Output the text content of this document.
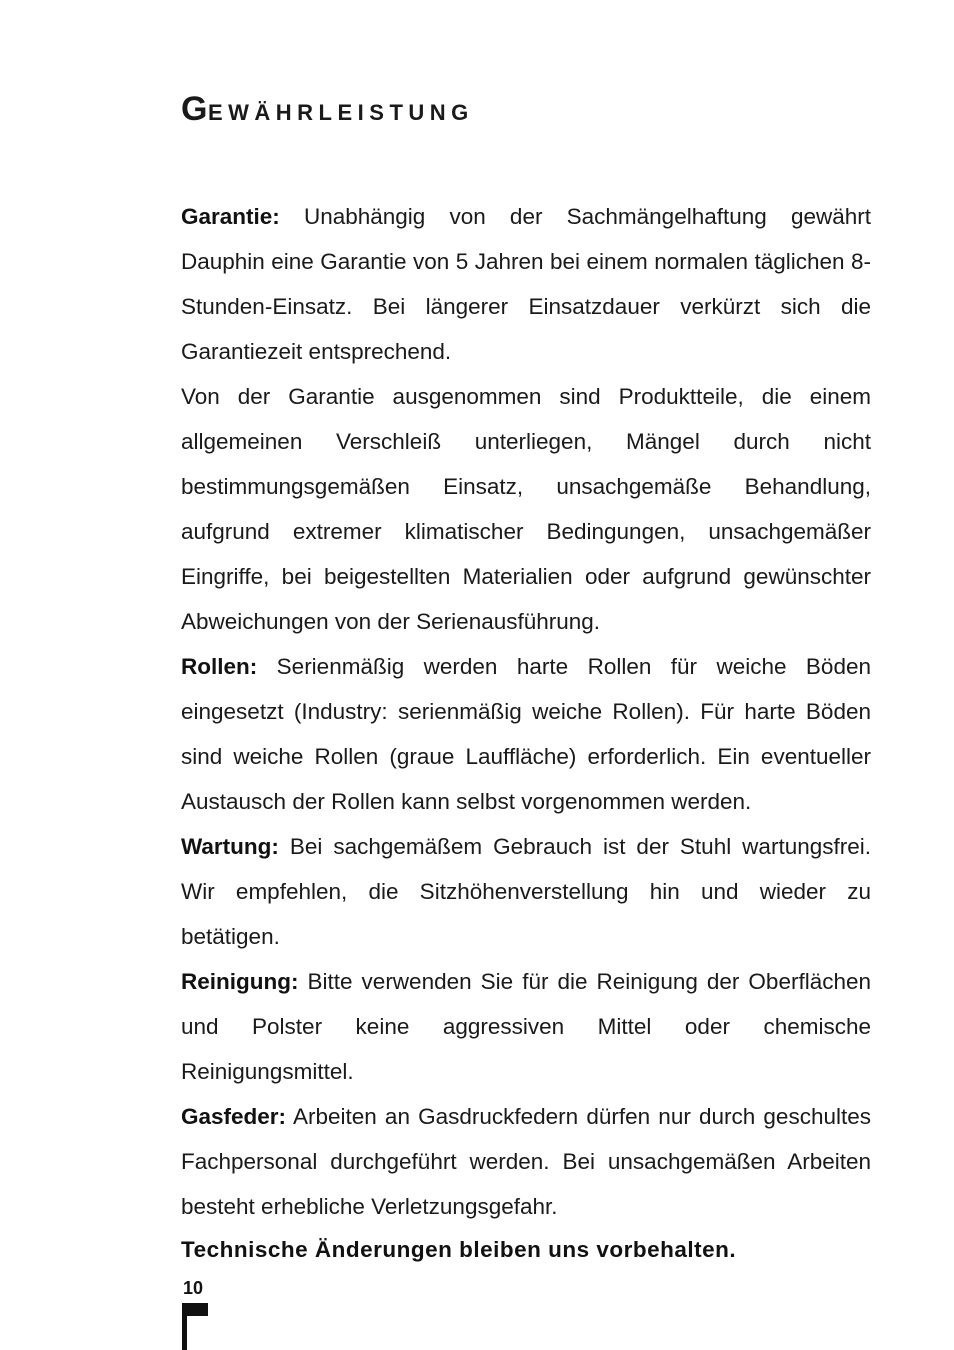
GEWÄHRLEISTUNG

Garantie: Unabhängig von der Sachmängelhaftung gewährt Dauphin eine Garantie von 5 Jahren bei einem normalen täglichen 8-Stunden-Einsatz. Bei längerer Einsatzdauer verkürzt sich die Garantiezeit entsprechend.

Von der Garantie ausgenommen sind Produktteile, die einem allgemeinen Verschleiß unterliegen, Mängel durch nicht bestimmungsgemäßen Einsatz, unsachgemäße Behandlung, aufgrund extremer klimatischer Bedingungen, unsachgemäßer Eingriffe, bei beigestellten Materialien oder aufgrund gewünschter Abweichungen von der Serienausführung.

Rollen: Serienmäßig werden harte Rollen für weiche Böden eingesetzt (Industry: serienmäßig weiche Rollen). Für harte Böden sind weiche Rollen (graue Lauffläche) erforderlich. Ein eventueller Austausch der Rollen kann selbst vorgenommen werden.

Wartung: Bei sachgemäßem Gebrauch ist der Stuhl wartungsfrei. Wir empfehlen, die Sitzhöhenverstellung hin und wieder zu betätigen.

Reinigung: Bitte verwenden Sie für die Reinigung der Oberflächen und Polster keine aggressiven Mittel oder chemische Reinigungsmittel.

Gasfeder: Arbeiten an Gasdruckfedern dürfen nur durch geschultes Fachpersonal durchgeführt werden. Bei unsachgemäßen Arbeiten besteht erhebliche Verletzungsgefahr.

Technische Änderungen bleiben uns vorbehalten.

10
